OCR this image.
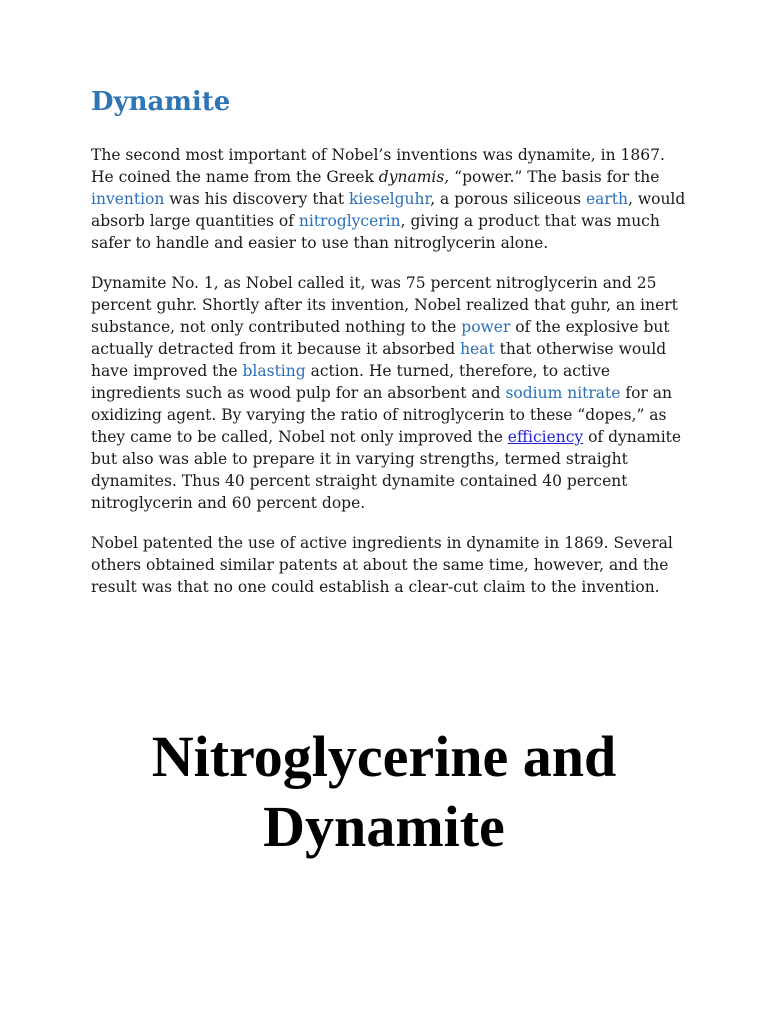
Dynamite

The second most important of Nobel’s inventions was dynamite, in 1867. He coined the name from the Greek dynamis, “power.” The basis for the invention was his discovery that kieselguhr, a porous siliceous earth, would absorb large quantities of nitroglycerin, giving a product that was much safer to handle and easier to use than nitroglycerin alone.

Dynamite No. 1, as Nobel called it, was 75 percent nitroglycerin and 25 percent guhr. Shortly after its invention, Nobel realized that guhr, an inert substance, not only contributed nothing to the power of the explosive but actually detracted from it because it absorbed heat that otherwise would have improved the blasting action. He turned, therefore, to active ingredients such as wood pulp for an absorbent and sodium nitrate for an oxidizing agent. By varying the ratio of nitroglycerin to these “dopes,” as they came to be called, Nobel not only improved the efficiency of dynamite but also was able to prepare it in varying strengths, termed straight dynamites. Thus 40 percent straight dynamite contained 40 percent nitroglycerin and 60 percent dope.

Nobel patented the use of active ingredients in dynamite in 1869. Several others obtained similar patents at about the same time, however, and the result was that no one could establish a clear-cut claim to the invention.

Nitroglycerine and
Dynamite
